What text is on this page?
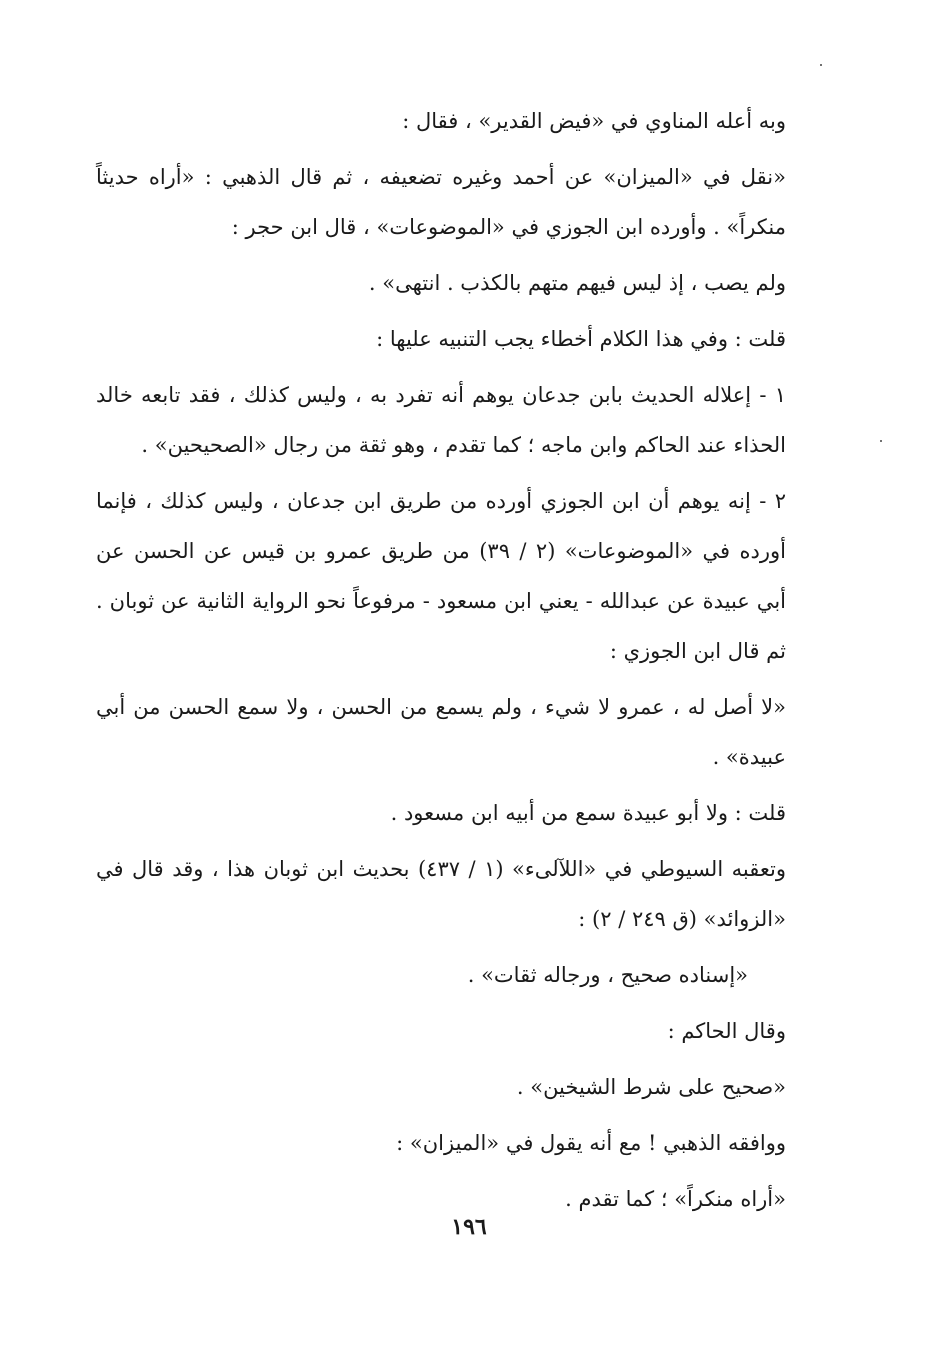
وبه أعله المناوي في «فيض القدير» ، فقال :

«نقل في «الميزان» عن أحمد وغيره تضعيفه ، ثم قال الذهبي : «أراه حديثاً منكراً» . وأورده ابن الجوزي في «الموضوعات» ، قال ابن حجر :

ولم يصب ، إذ ليس فيهم متهم بالكذب . انتهى» .

قلت : وفي هذا الكلام أخطاء يجب التنبيه عليها :

١ - إعلاله الحديث بابن جدعان يوهم أنه تفرد به ، وليس كذلك ، فقد تابعه خالد الحذاء عند الحاكم وابن ماجه ؛ كما تقدم ، وهو ثقة من رجال «الصحيحين» .

٢ - إنه يوهم أن ابن الجوزي أورده من طريق ابن جدعان ، وليس كذلك ، فإنما أورده في «الموضوعات» (٢ / ٣٩) من طريق عمرو بن قيس عن الحسن عن أبي عبيدة عن عبدالله - يعني ابن مسعود - مرفوعاً نحو الرواية الثانية عن ثوبان . ثم قال ابن الجوزي :

«لا أصل له ، عمرو لا شيء ، ولم يسمع من الحسن ، ولا سمع الحسن من أبي عبيدة» .

قلت : ولا أبو عبيدة سمع من أبيه ابن مسعود .

وتعقبه السيوطي في «اللآلىء» (١ / ٤٣٧) بحديث ابن ثوبان هذا ، وقد قال في «الزوائد» (ق ٢٤٩ / ٢) :

«إسناده صحيح ، ورجاله ثقات» .

وقال الحاكم :

«صحيح على شرط الشيخين» .

ووافقه الذهبي ! مع أنه يقول في «الميزان» :

«أراه منكراً» ؛ كما تقدم .

١٩٦
